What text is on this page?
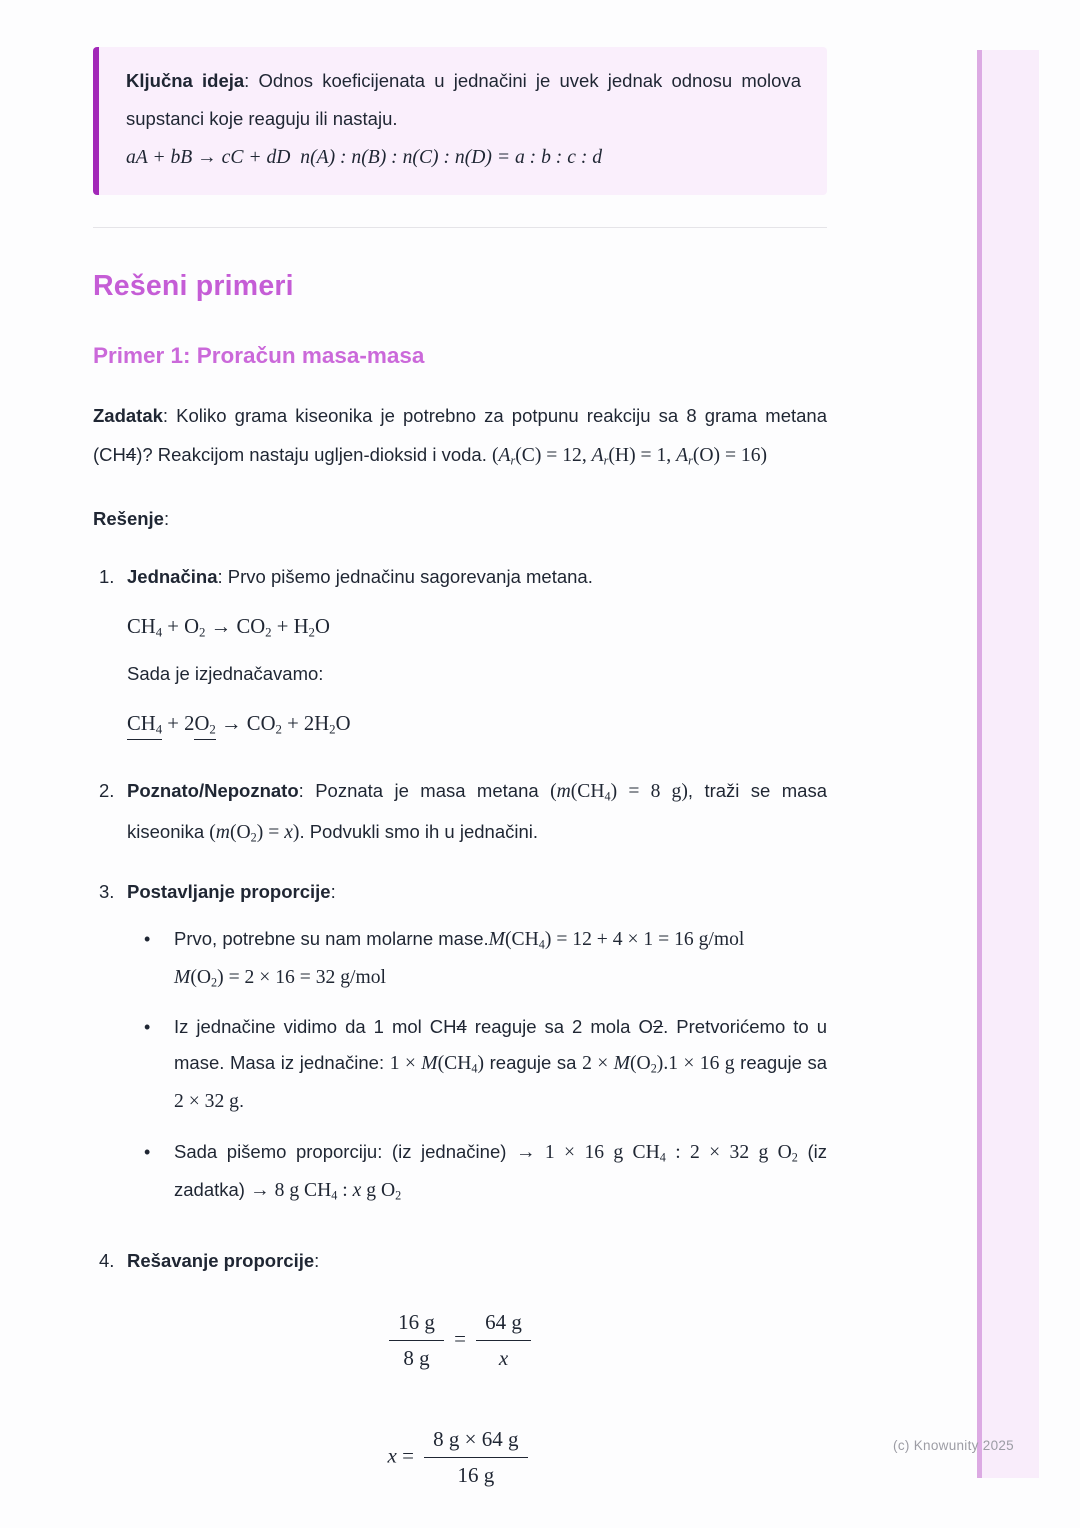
(c) Knowunity 2025

Ključna ideja: Odnos koeficijenata u jednačini je uvek jednak odnosu molova supstanci koje reaguju ili nastaju.
aA + bB → cC + dD n(A) : n(B) : n(C) : n(D) = a : b : c : d

Rešeni primeri
Primer 1: Proračun masa-masa

Zadatak: Koliko grama kiseonika je potrebno za potpunu reakciju sa 8 grama metana (CH4)? Reakcijom nastaju ugljen-dioksid i voda. ($A_r(C) = 12$, $A_r(H) = 1$, $A_r(O) = 16$)

Rešenje:

1. Jednačina: Prvo pišemo jednačinu sagorevanja metana.

$CH_4 + O_2 \to CO_2 + H_2O$

Sada je izjednačavamo:

$CH_4 + 2O_2 \to CO_2 + 2H_2O$
2. Poznato/Nepoznato: Poznata je masa metana ($m(CH_4) = 8$ g), traži se masa kiseonika $(m(O_2) = x)$. Podvukli smo ih u jednačini.

3. Postavljanje proporcije:

•
Prvo, potrebne su nam molarne $mase.M(CH_4) = 12 + 4 \times 1 = 16$ g/mol
$M(O_2) = 2 \times 16 = 32$ g/mol
•
Iz jednačine vidimo da 1 mol CH4 reaguje sa 2 mola O2. Pretvorićemo to u mase. Masa iz jednačine: $1 \times M(CH_4)$ reaguje sa $2 \times M(O_2).1 \times 16$ g reaguje sa 2 × 32 g.
•
Sada pišemo proporciju: (iz jednačine) → 1 × 16 g $CH_4$ : 2 × 32 g $O_2$ (iz zadatka) → 8 g $CH_4$ : x g $O_2$
4. Rešavanje proporcije:

$\frac{16 g}{8 g} = \frac{64 g}{x}$
$x = \frac{8 g \times 64 g}{16 g}$
